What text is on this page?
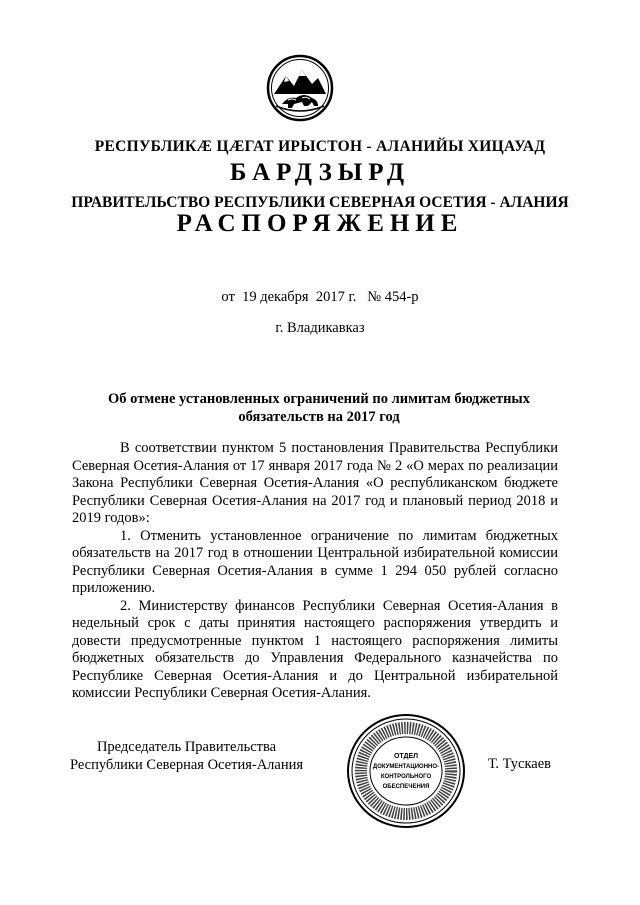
РЕСПУБЛИКÆ ЦÆГАТ ИРЫСТОН - АЛАНИЙЫ ХИЦАУАД
БАРДЗЫРД
ПРАВИТЕЛЬСТВО РЕСПУБЛИКИ СЕВЕРНАЯ ОСЕТИЯ - АЛАНИЯ
РАСПОРЯЖЕНИЕ
от  19 декабря  2017 г. № 454-р
г. Владикавказ
Об отмене установленных ограничений по лимитам бюджетных обязательств на 2017 год

В соответствии пунктом 5 постановления Правительства Республики Северная Осетия-Алания от 17 января 2017 года № 2 «О мерах по реализации Закона Республики Северная Осетия-Алания «О республиканском бюджете Республики Северная Осетия-Алания на 2017 год и плановый период 2018 и 2019 годов»:

1. Отменить установленное ограничение по лимитам бюджетных обязательств на 2017 год в отношении Центральной избирательной комиссии Республики Северная Осетия-Алания в сумме 1 294 050 рублей согласно приложению.

2. Министерству финансов Республики Северная Осетия-Алания в недельный срок с даты принятия настоящего распоряжения утвердить и довести предусмотренные пунктом 1 настоящего распоряжения лимиты бюджетных обязательств до Управления Федерального казначейства по Республике Северная Осетия-Алания и до Центральной избирательной комиссии Республики Северная Осетия-Алания.

Председатель Правительства
Республики Северная Осетия-Алания
ОТДЕЛ
ДОКУМЕНТАЦИОННО-
КОНТРОЛЬНОГО
ОБЕСПЕЧЕНИЯ
Т. Тускаев
